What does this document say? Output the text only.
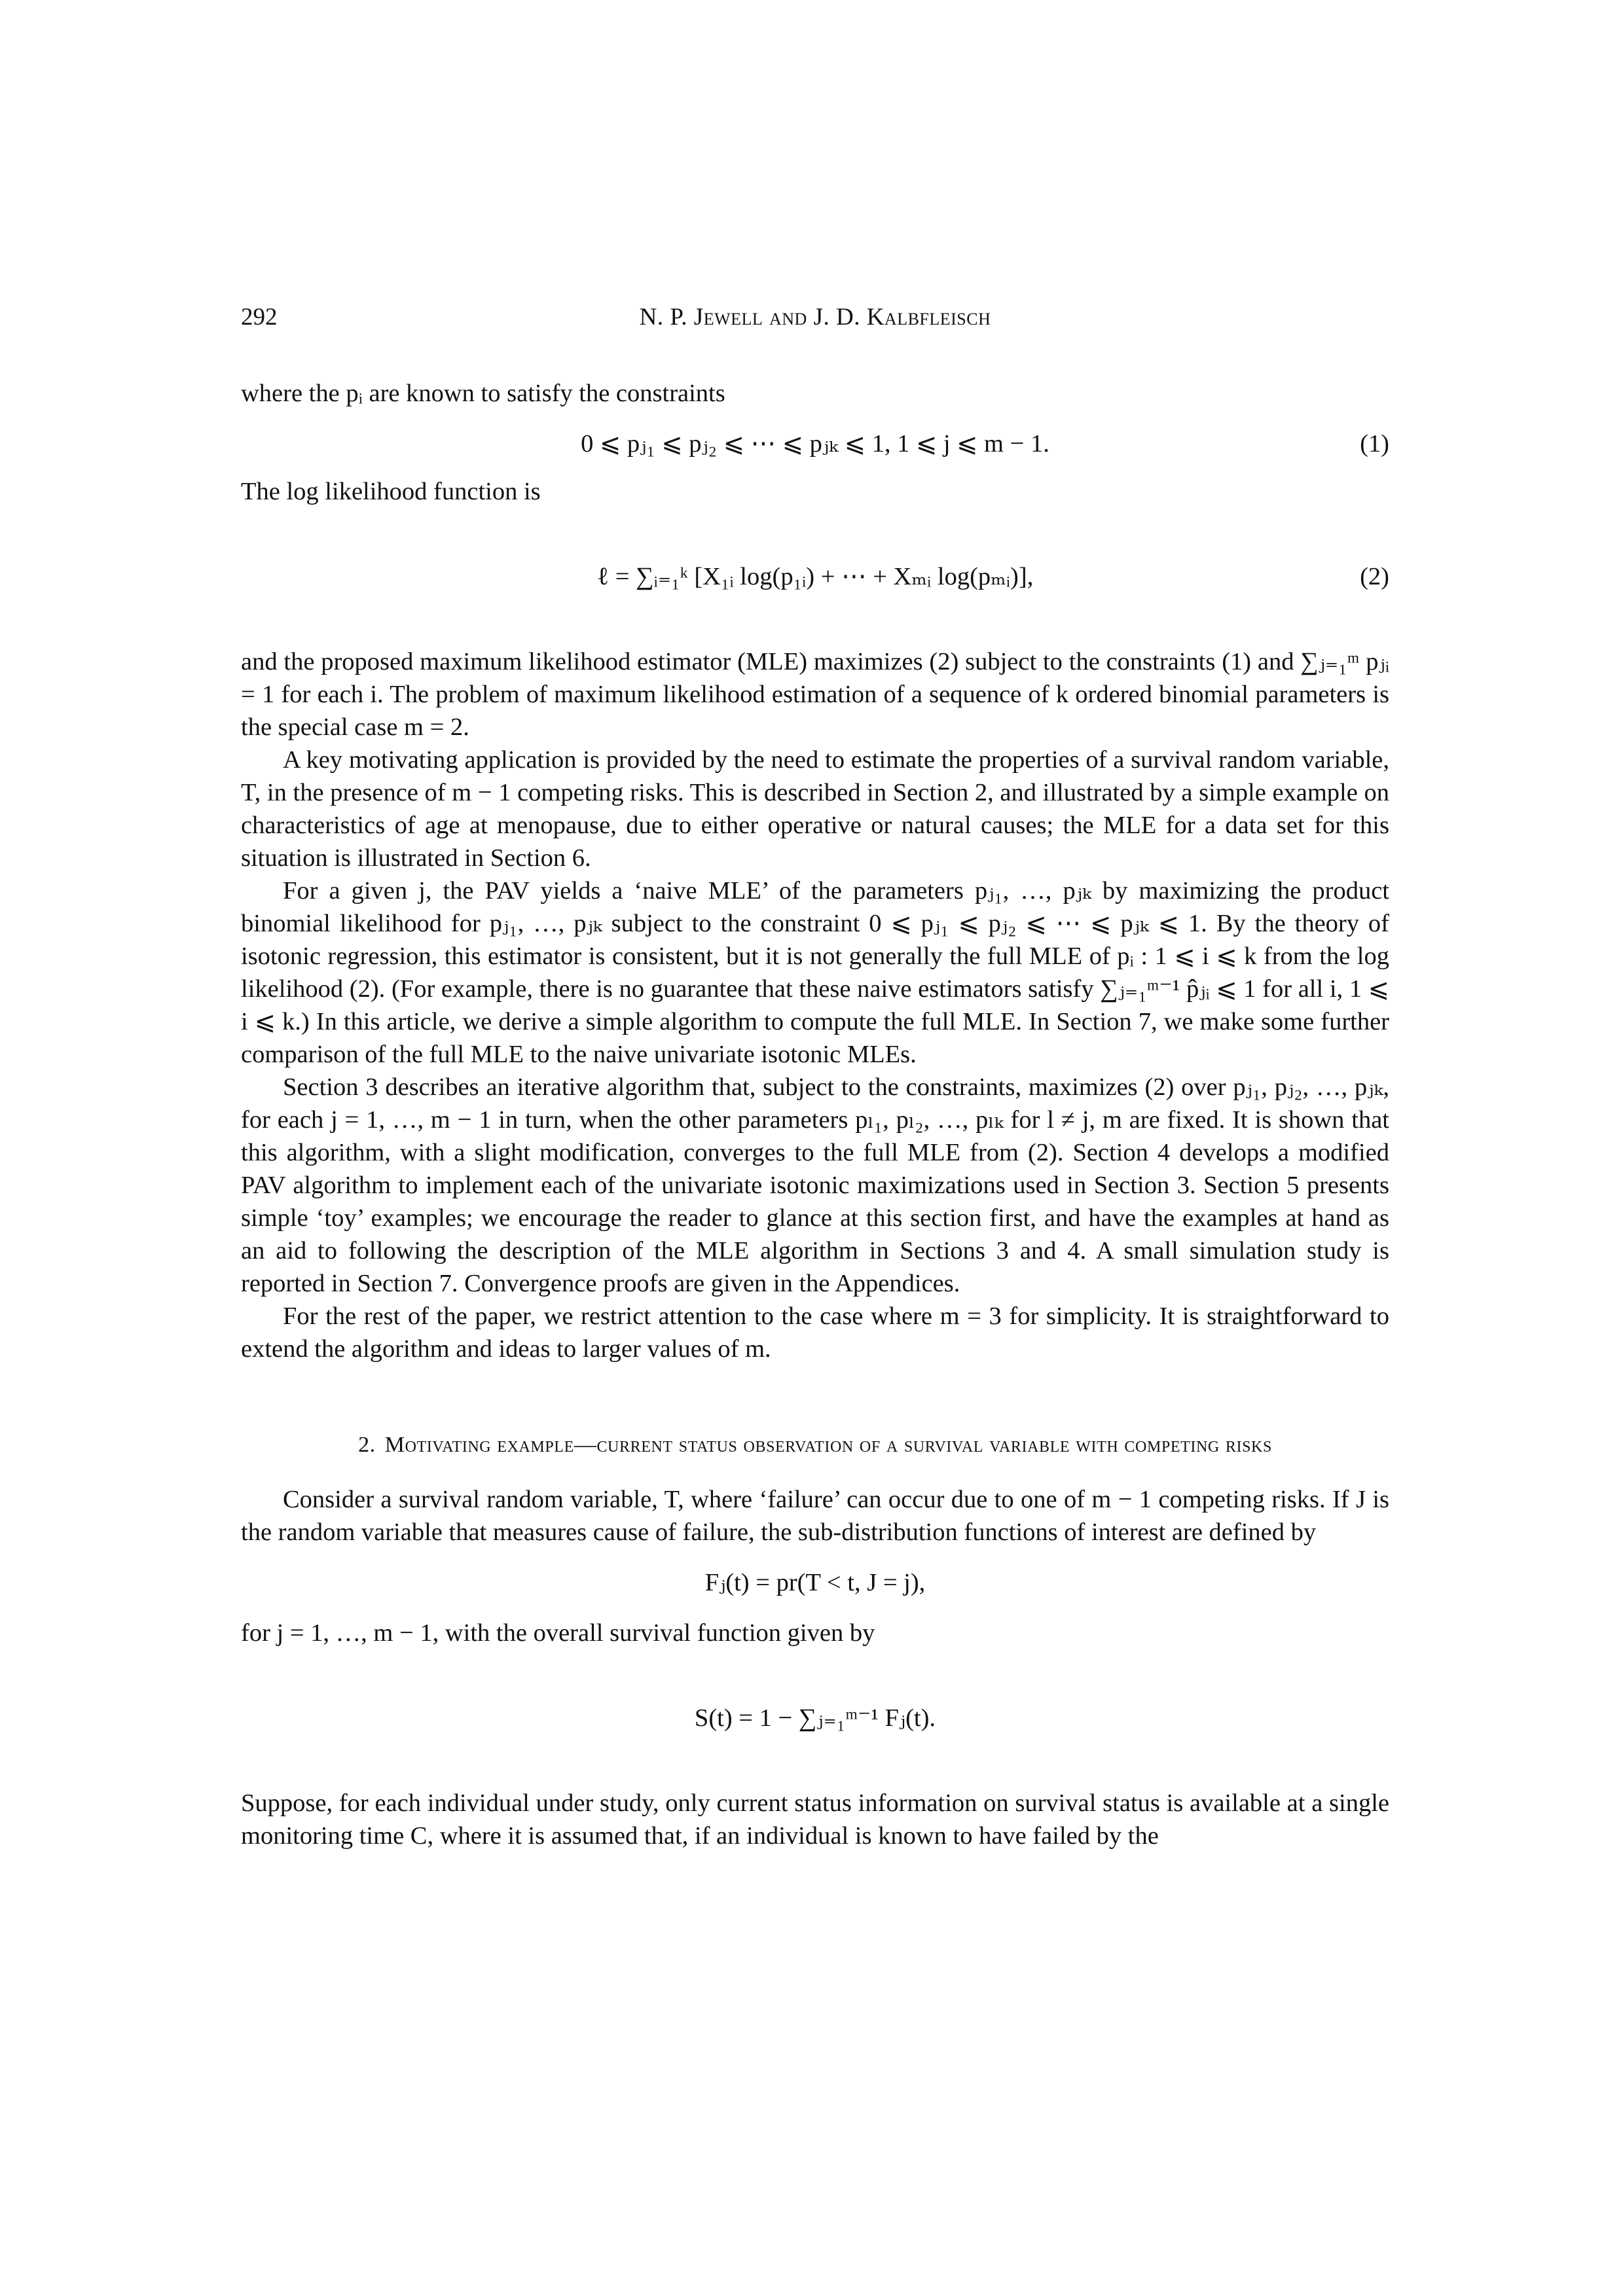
292	N. P. Jewell and J. D. Kalbfleisch

where the pᵢ are known to satisfy the constraints

0 ⩽ pⱼ₁ ⩽ pⱼ₂ ⩽ ⋯ ⩽ pⱼₖ ⩽ 1, 1 ⩽ j ⩽ m − 1.	(1)

The log likelihood function is

ℓ = ∑ᵢ₌₁ᵏ [X₁ᵢ log(p₁ᵢ) + ⋯ + Xₘᵢ log(pₘᵢ)],	(2)

and the proposed maximum likelihood estimator (MLE) maximizes (2) subject to the constraints (1) and ∑ⱼ₌₁ᵐ pⱼᵢ = 1 for each i. The problem of maximum likelihood estimation of a sequence of k ordered binomial parameters is the special case m = 2.

A key motivating application is provided by the need to estimate the properties of a survival random variable, T, in the presence of m − 1 competing risks. This is described in Section 2, and illustrated by a simple example on characteristics of age at menopause, due to either operative or natural causes; the MLE for a data set for this situation is illustrated in Section 6.

For a given j, the PAV yields a ‘naive MLE’ of the parameters pⱼ₁, …, pⱼₖ by maximizing the product binomial likelihood for pⱼ₁, …, pⱼₖ subject to the constraint 0 ⩽ pⱼ₁ ⩽ pⱼ₂ ⩽ ⋯ ⩽ pⱼₖ ⩽ 1. By the theory of isotonic regression, this estimator is consistent, but it is not generally the full MLE of pᵢ : 1 ⩽ i ⩽ k from the log likelihood (2). (For example, there is no guarantee that these naive estimators satisfy ∑ⱼ₌₁ᵐ⁻¹ p̂ⱼᵢ ⩽ 1 for all i, 1 ⩽ i ⩽ k.) In this article, we derive a simple algorithm to compute the full MLE. In Section 7, we make some further comparison of the full MLE to the naive univariate isotonic MLEs.

Section 3 describes an iterative algorithm that, subject to the constraints, maximizes (2) over pⱼ₁, pⱼ₂, …, pⱼₖ, for each j = 1, …, m − 1 in turn, when the other parameters pₗ₁, pₗ₂, …, pₗₖ for l ≠ j, m are fixed. It is shown that this algorithm, with a slight modification, converges to the full MLE from (2). Section 4 develops a modified PAV algorithm to implement each of the univariate isotonic maximizations used in Section 3. Section 5 presents simple ‘toy’ examples; we encourage the reader to glance at this section first, and have the examples at hand as an aid to following the description of the MLE algorithm in Sections 3 and 4. A small simulation study is reported in Section 7. Convergence proofs are given in the Appendices.

For the rest of the paper, we restrict attention to the case where m = 3 for simplicity. It is straightforward to extend the algorithm and ideas to larger values of m.

2. Motivating example—current status observation of a survival variable with competing risks

Consider a survival random variable, T, where ‘failure’ can occur due to one of m − 1 competing risks. If J is the random variable that measures cause of failure, the sub-distribution functions of interest are defined by

Fⱼ(t) = pr(T < t, J = j),

for j = 1, …, m − 1, with the overall survival function given by

S(t) = 1 − ∑ⱼ₌₁ᵐ⁻¹ Fⱼ(t).

Suppose, for each individual under study, only current status information on survival status is available at a single monitoring time C, where it is assumed that, if an individual is known to have failed by the
